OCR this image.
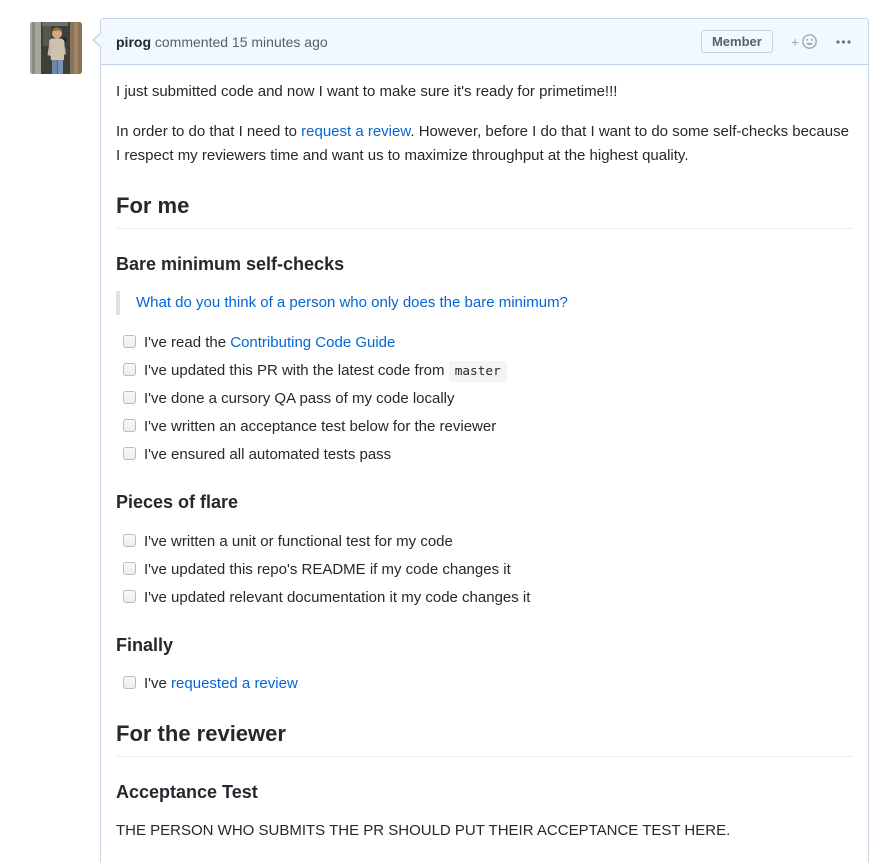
pirog commented 15 minutes ago	Member	+

I just submitted code and now I want to make sure it's ready for primetime!!!

In order to do that I need to request a review. However, before I do that I want to do some self-checks because I respect my reviewers time and want us to maximize throughput at the highest quality.

For me
Bare minimum self-checks

What do you think of a person who only does the bare minimum?

I've read the Contributing Code Guide
I've updated this PR with the latest code from master
I've done a cursory QA pass of my code locally
I've written an acceptance test below for the reviewer
I've ensured all automated tests pass
Pieces of flare
I've written a unit or functional test for my code
I've updated this repo's README if my code changes it
I've updated relevant documentation it my code changes it
Finally
I've requested a review
For the reviewer
Acceptance Test

THE PERSON WHO SUBMITS THE PR SHOULD PUT THEIR ACCEPTANCE TEST HERE.
